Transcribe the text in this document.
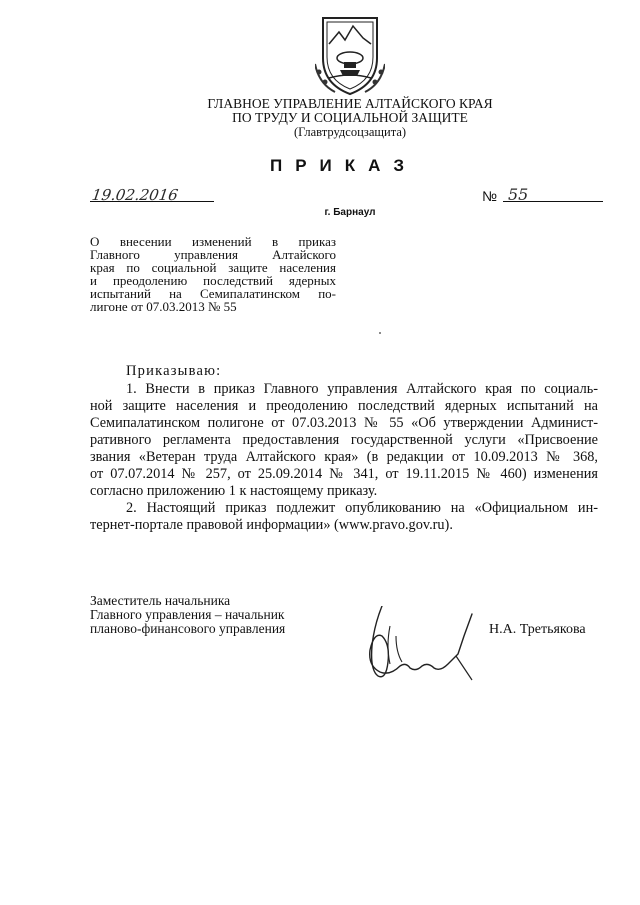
ГЛАВНОЕ УПРАВЛЕНИЕ АЛТАЙСКОГО КРАЯ
ПО ТРУДУ И СОЦИАЛЬНОЙ ЗАЩИТЕ
(Главтрудсоцзащита)
ПРИКАЗ
19.02.2016	№ 55
г. Барнаул
О внесении изменений в приказ
Главного управления Алтайского
края по социальной защите населения
и преодолению последствий ядерных
испытаний на Семипалатинском по-
лигоне от 07.03.2013 № 55
Приказываю:
1. Внести в приказ Главного управления Алтайского края по социаль-
ной защите населения и преодолению последствий ядерных испытаний на
Семипалатинском полигоне от 07.03.2013 № 55 «Об утверждении Админист-
ративного регламента предоставления государственной услуги «Присвоение
звания «Ветеран труда Алтайского края» (в редакции от 10.09.2013 № 368,
от 07.07.2014 № 257, от 25.09.2014 № 341, от 19.11.2015 № 460) изменения
согласно приложению 1 к настоящему приказу.
2. Настоящий приказ подлежит опубликованию на «Официальном ин-
тернет-портале правовой информации» (www.pravo.gov.ru).
Заместитель начальника
Главного управления – начальник
планово-финансового управления	Н.А. Третьякова
